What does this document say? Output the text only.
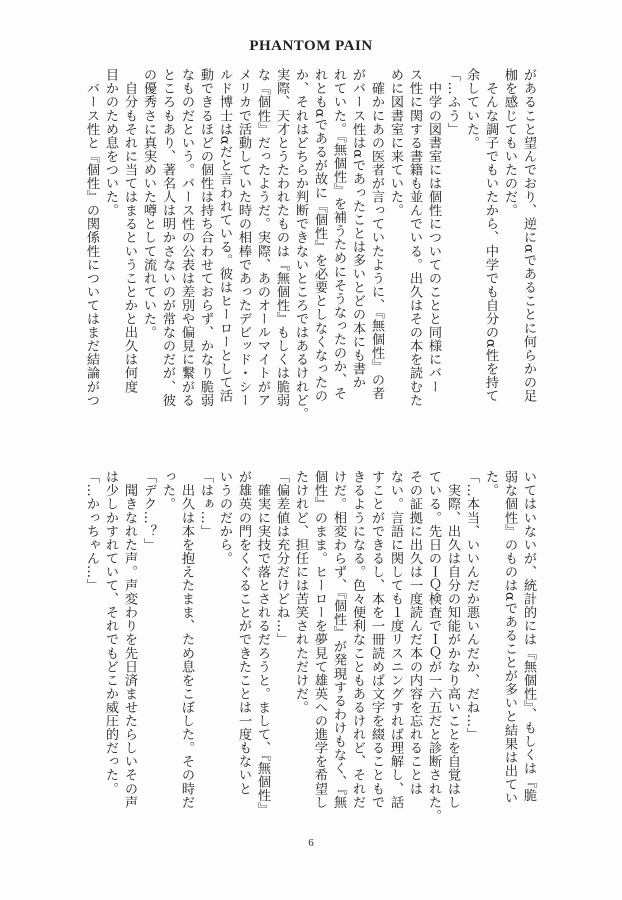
PHANTOM PAIN

があること望んでおり、逆にαであることに何らかの足

枷を感じてもいたのだ。

　そんな調子でもいたから、中学でも自分のα性を持て

余していた。

「…ふう」

　中学の図書室には個性についてのことと同様にバー

ス性に関する書籍も並んでいる。出久はその本を読むた

めに図書室に来ていた。

　確かにあの医者が言っていたように、『無個性』の者

がバース性はαであったことは多いとどの本にも書か

れていた。『無個性』を補うためにそうなったのか、そ

れともαであるが故に『個性』を必要としなくなったの

か、それはどちらか判断できないところではあるけれど。

実際、天才とうたわれたものは『無個性』もしくは脆弱

な『個性』だったようだ。実際、あのオールマイトがア

メリカで活動していた時の相棒であったデビッド・シー

ルド博士はαだと言われている。彼はヒーローとして活

動できるほどの個性は持ち合わせておらず、かなり脆弱

なものだという。バース性の公表は差別や偏見に繋がる

ところもあり、著名人は明かさないのが常なのだが、彼

の優秀さに真実めいた噂として流れていた。

　自分もそれに当てはまるということかと出久は何度

目かのため息をついた。

　バース性と『個性』の関係性についてはまだ結論がつ

いてはいないが、統計的には『無個性』、もしくは『脆

弱な個性』のものはαであることが多いと結果は出てい

た。

「…本当、いいんだか悪いんだか、だね…」

　実際、出久は自分の知能がかなり高いことを自覚はし

ている。先日のＩＱ検査でＩＱが一六五だと診断された。

その証拠に出久は一度読んだ本の内容を忘れることは

ない。言語に関しても１度リスニングすれば理解し、話

すことができるし、本を一冊読めば文字を綴ることもで

きるようになる。色々便利なこともあるけれど、それだ

けだ。相変わらず、『個性』が発現するわけもなく、『無

個性』のまま。ヒーローを夢見て雄英への進学を希望し

たけれど、担任には苦笑されただけだ。

「偏差値は充分だけどね…」

　確実に実技で落とされるだろうと。まして、『無個性』

が雄英の門をくぐることができたことは一度もないと

いうのだから。

「はぁ…」

　出久は本を抱えたまま、ため息をこぼした。その時だ

った。

「デク…？」

　聞きなれた声。声変わりを先日済ませたらしいその声

は少しかすれていて、それでもどこか威圧的だった。

「…かっちゃん…」

6
